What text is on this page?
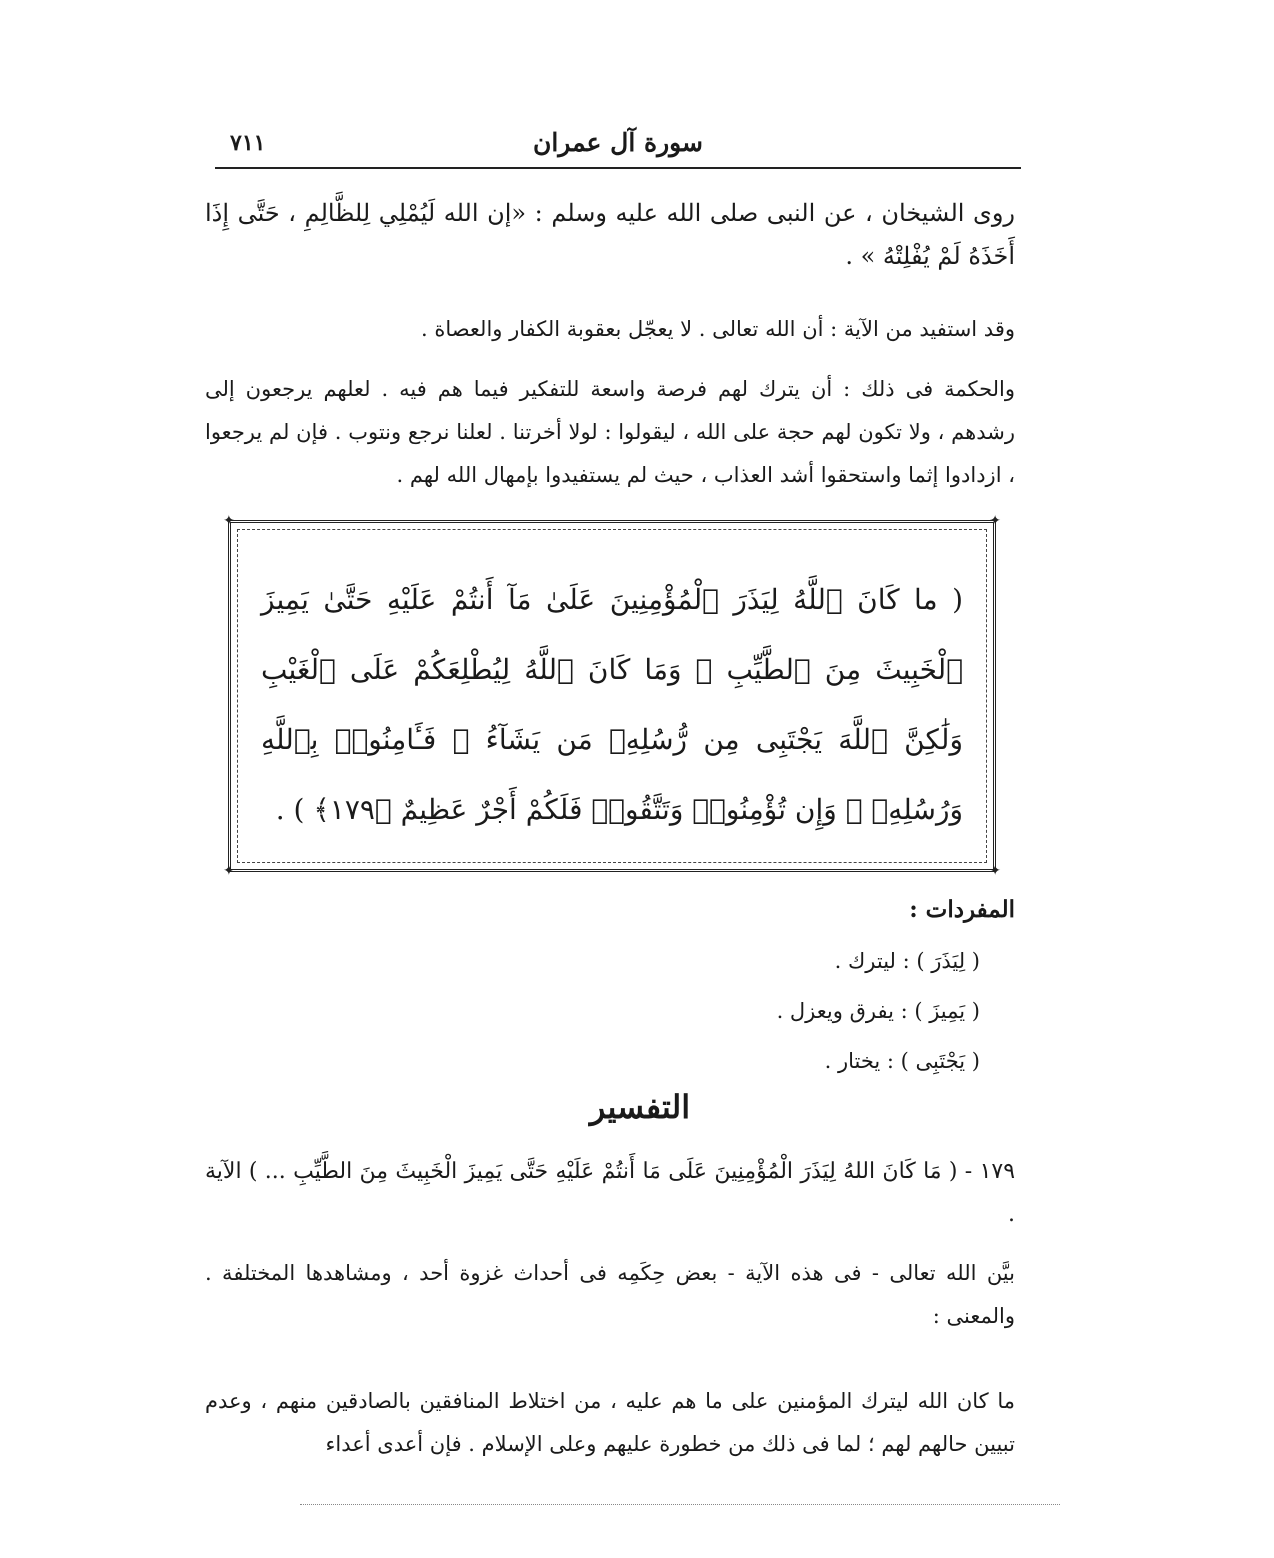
سورة آل عمران
٧١١

روى الشيخان ، عن النبى صلى الله عليه وسلم : «إن الله لَيُمْلِي لِلظَّالِمِ ، حَتَّى إِذَا أَخَذَهُ لَمْ يُفْلِتْهُ » .

وقد استفيد من الآية : أن الله تعالى . لا يعجّل بعقوبة الكفار والعصاة .

والحكمة فى ذلك : أن يترك لهم فرصة واسعة للتفكير فيما هم فيه . لعلهم يرجعون إلى رشدهم ، ولا تكون لهم حجة على الله ، ليقولوا : لولا أخرتنا . لعلنا نرجع ونتوب . فإن لم يرجعوا ، ازدادوا إثما واستحقوا أشد العذاب ، حيث لم يستفيدوا بإمهال الله لهم .

✦	✦
✦	✦

( ما كَانَ ٱللَّهُ لِيَذَرَ ٱلْمُؤْمِنِينَ عَلَىٰ مَآ أَنتُمْ عَلَيْهِ حَتَّىٰ يَمِيزَ ٱلْخَبِيثَ مِنَ ٱلطَّيِّبِ ۗ وَمَا كَانَ ٱللَّهُ لِيُطْلِعَكُمْ عَلَى ٱلْغَيْبِ وَلَٰكِنَّ ٱللَّهَ يَجْتَبِى مِن رُّسُلِهِۦ مَن يَشَآءُ ۖ فَـَٔامِنُوا۟ بِٱللَّهِ وَرُسُلِهِۦ ۚ وَإِن تُؤْمِنُوا۟ وَتَتَّقُوا۟ فَلَكُمْ أَجْرٌ عَظِيمٌ ﴿١٧٩﴾ ) .

المفردات :

( لِيَذَرَ ) : ليترك .

( يَمِيزَ ) : يفرق ويعزل .

( يَجْتَبِى ) : يختار .

التفسير

١٧٩ - ( مَا كَانَ اللهُ لِيَذَرَ الْمُؤْمِنِينَ عَلَى مَا أَنتُمْ عَلَيْهِ حَتَّى يَمِيزَ الْخَبِيثَ مِنَ الطَّيِّبِ ... ) الآية .

بيَّن الله تعالى - فى هذه الآية - بعض حِكَمِه فى أحداث غزوة أحد ، ومشاهدها المختلفة . والمعنى :

ما كان الله ليترك المؤمنين على ما هم عليه ، من اختلاط المنافقين بالصادقين منهم ، وعدم تبيين حالهم لهم ؛ لما فى ذلك من خطورة عليهم وعلى الإسلام . فإن أعدى أعداء
